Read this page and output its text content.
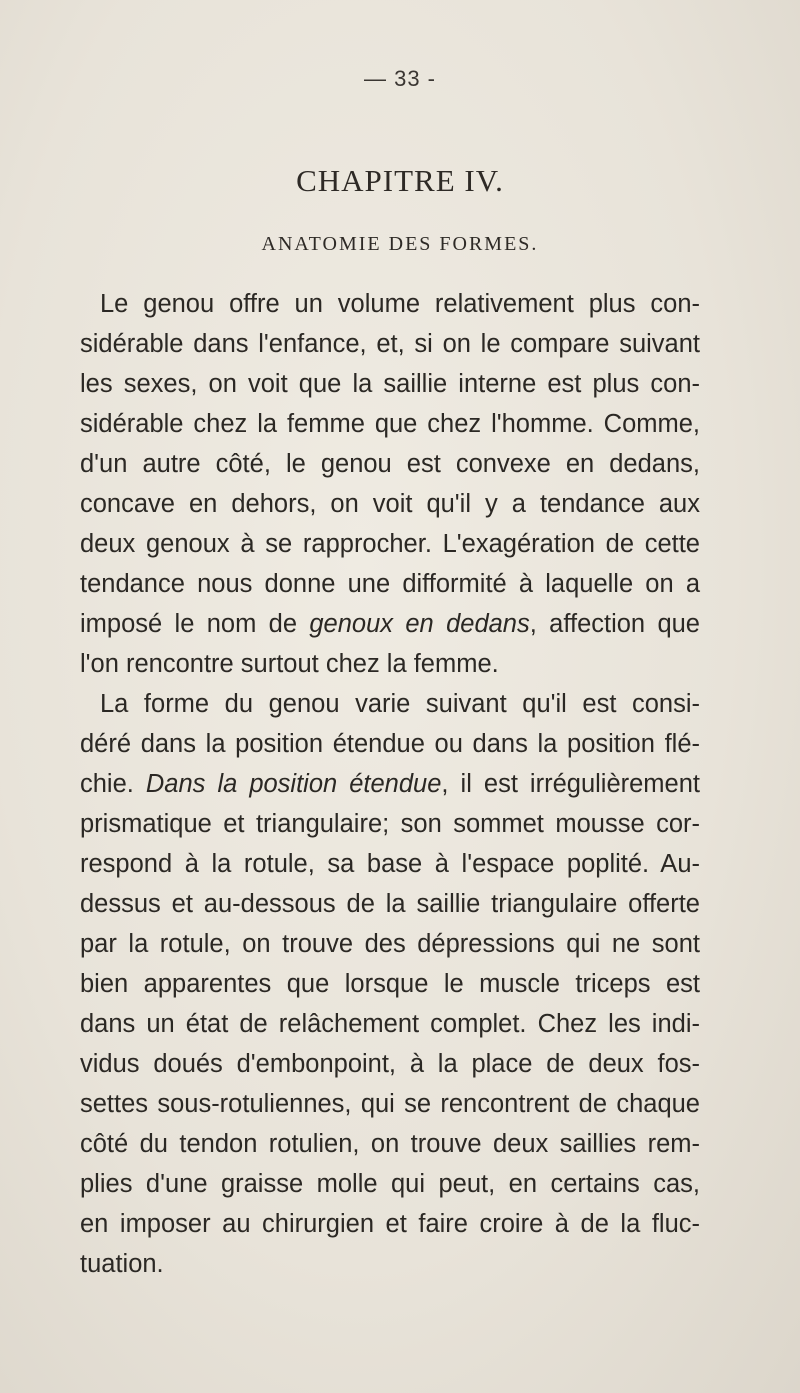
— 33 -
CHAPITRE IV.
ANATOMIE DES FORMES.
Le genou offre un volume relativement plus con-
sidérable dans l'enfance, et, si on le compare suivant
les sexes, on voit que la saillie interne est plus con-
sidérable chez la femme que chez l'homme. Comme,
d'un autre côté, le genou est convexe en dedans,
concave en dehors, on voit qu'il y a tendance aux
deux genoux à se rapprocher. L'exagération de cette
tendance nous donne une difformité à laquelle on a
imposé le nom de genoux en dedans, affection que
l'on rencontre surtout chez la femme.
La forme du genou varie suivant qu'il est consi-
déré dans la position étendue ou dans la position flé-
chie. Dans la position étendue, il est irrégulièrement
prismatique et triangulaire; son sommet mousse cor-
respond à la rotule, sa base à l'espace poplité. Au-
dessus et au-dessous de la saillie triangulaire offerte
par la rotule, on trouve des dépressions qui ne sont
bien apparentes que lorsque le muscle triceps est
dans un état de relâchement complet. Chez les indi-
vidus doués d'embonpoint, à la place de deux fos-
settes sous-rotuliennes, qui se rencontrent de chaque
côté du tendon rotulien, on trouve deux saillies rem-
plies d'une graisse molle qui peut, en certains cas,
en imposer au chirurgien et faire croire à de la fluc-
tuation.
